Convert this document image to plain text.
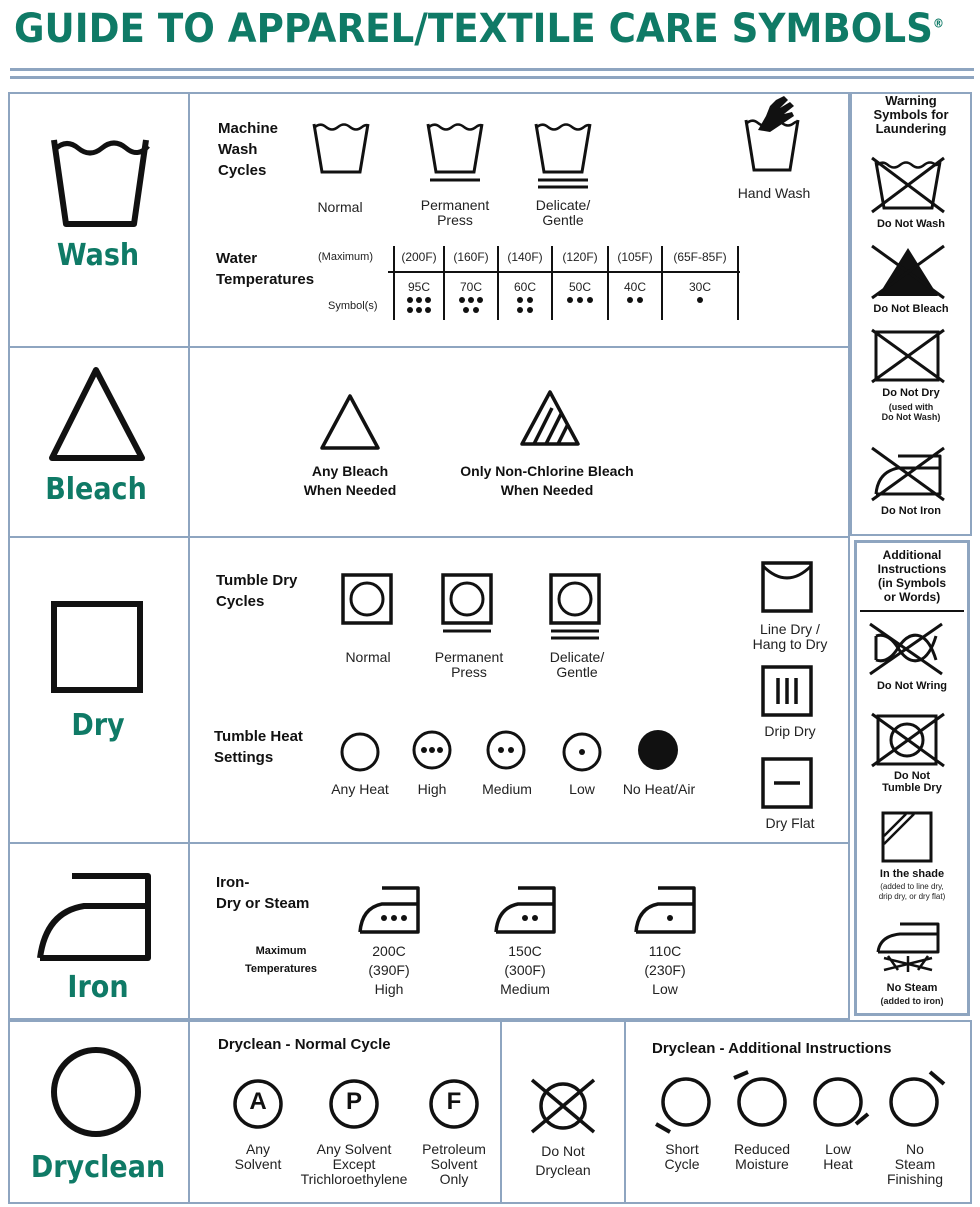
GUIDE TO APPAREL/TEXTILE CARE SYMBOLS®
Wash
Bleach
Dry
Iron
Dryclean
Machine
Wash
Cycles
Normal	Permanent
Press
Delicate/
Gentle
Hand Wash
Water
Temperatures
(Maximum)
Symbol(s)
(200F)	(160F)	(140F)	(120F)	(105F)	(65F-85F)
95C	70C	60C	50C	40C	30C
Any Bleach
When Needed
Only Non-Chlorine Bleach
When Needed
Tumble Dry
Cycles
Normal	Permanent
Press
Delicate/
Gentle
Line Dry /
Hang to Dry
Drip Dry
Dry Flat
Tumble Heat
Settings
Any Heat	High	Medium	Low	No Heat/Air
Iron-
Dry or Steam
Maximum
Temperatures
200C
(390F)
High
150C
(300F)
Medium
110C
(230F)
Low
Dryclean - Normal Cycle
A
Any
Solvent
P
Any Solvent
Except
Trichloroethylene
F
Petroleum
Solvent
Only
Do Not
Dryclean
Dryclean - Additional Instructions
Short
Cycle
Reduced
Moisture
Low
Heat
No
Steam
Finishing
Warning
Symbols for
Laundering
Do Not Wash
Do Not Bleach
Do Not Dry
(used with
Do Not Wash)
Do Not Iron
Additional
Instructions
(in Symbols
or Words)
Do Not Wring
Do Not
Tumble Dry
In the shade
(added to line dry,
drip dry, or dry flat)
No Steam
(added to iron)
